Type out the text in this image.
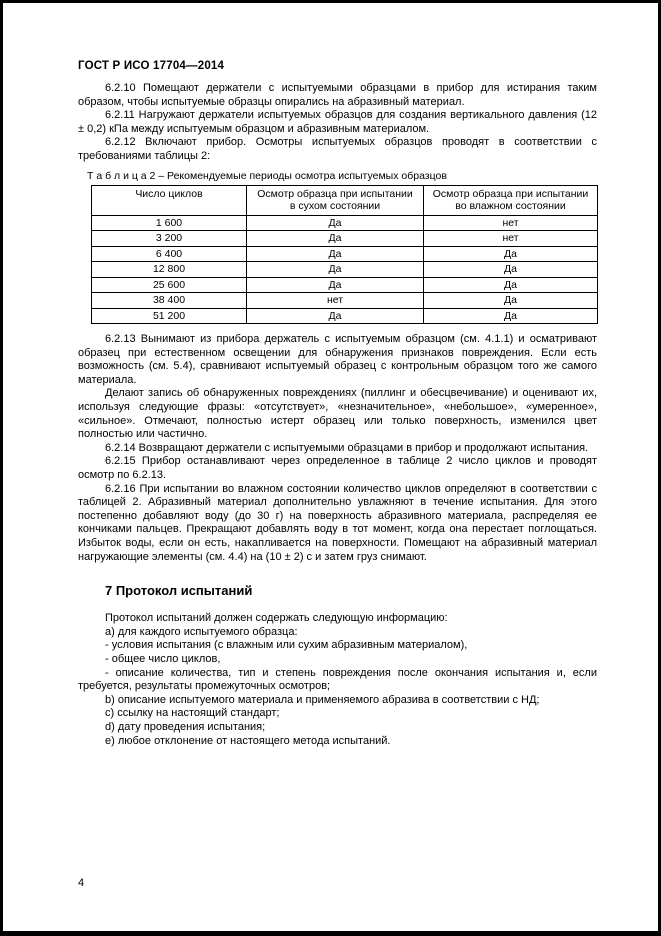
ГОСТ Р ИСО 17704—2014

6.2.10 Помещают держатели с испытуемыми образцами в прибор для истирания таким образом, чтобы испытуемые образцы опирались на абразивный материал.

6.2.11 Нагружают держатели испытуемых образцов для создания вертикального давления (12 ± 0,2) кПа между испытуемым образцом и абразивным материалом.

6.2.12 Включают прибор. Осмотры испытуемых образцов проводят в соответствии с требованиями таблицы 2:

Т а б л и ц а 2 – Рекомендуемые периоды осмотра испытуемых образцов
Число циклов	Осмотр образца при испытании в сухом состоянии	Осмотр образца при испытании во влажном состоянии
1 600	Да	нет
3 200	Да	нет
6 400	Да	Да
12 800	Да	Да
25 600	Да	Да
38 400	нет	Да
51 200	Да	Да

6.2.13 Вынимают из прибора держатель с испытуемым образцом (см. 4.1.1) и осматривают образец при естественном освещении для обнаружения признаков повреждения. Если есть возможность (см. 5.4), сравнивают испытуемый образец с контрольным образцом того же самого материала.

Делают запись об обнаруженных повреждениях (пиллинг и обесцвечивание) и оценивают их, используя следующие фразы: «отсутствует», «незначительное», «небольшое», «умеренное», «сильное». Отмечают, полностью истерт образец или только поверхность, изменился цвет полностью или частично.

6.2.14 Возвращают держатели с испытуемыми образцами в прибор и продолжают испытания.

6.2.15 Прибор останавливают через определенное в таблице 2 число циклов и проводят осмотр по 6.2.13.

6.2.16 При испытании во влажном состоянии количество циклов определяют в соответствии с таблицей 2. Абразивный материал дополнительно увлажняют в течение испытания. Для этого постепенно добавляют воду (до 30 г) на поверхность абразивного материала, распределяя ее кончиками пальцев. Прекращают добавлять воду в тот момент, когда она перестает поглощаться. Избыток воды, если он есть, накапливается на поверхности. Помещают на абразивный материал нагружающие элементы (см. 4.4) на (10 ± 2) с и затем груз снимают.

7 Протокол испытаний

Протокол испытаний должен содержать следующую информацию:

a) для каждого испытуемого образца:

- условия испытания (с влажным или сухим абразивным материалом),

- общее число циклов,

- описание количества, тип и степень повреждения после окончания испытания и, если требуется, результаты промежуточных осмотров;

b) описание испытуемого материала и применяемого абразива в соответствии с НД;

c) ссылку на настоящий стандарт;

d) дату проведения испытания;

e) любое отклонение от настоящего метода испытаний.

4
